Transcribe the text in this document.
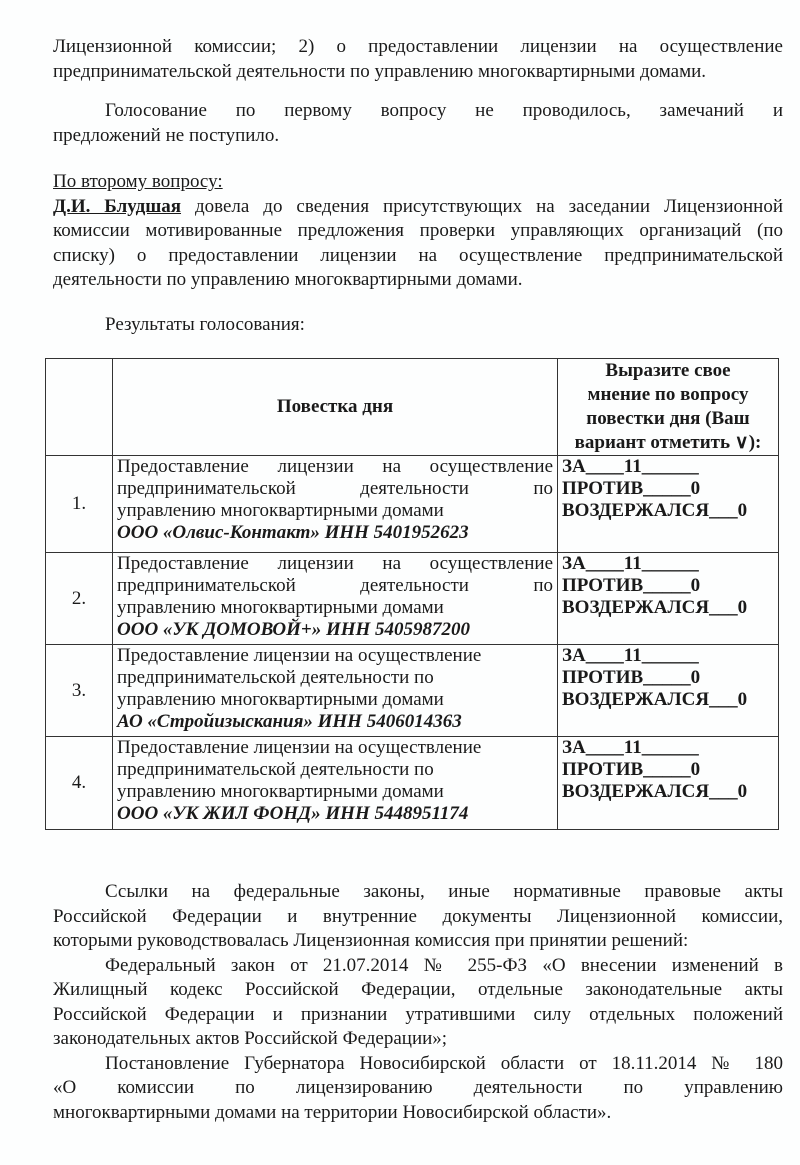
Лицензионной комиссии; 2) о предоставлении лицензии на осуществление

предпринимательской деятельности по управлению многоквартирными домами.

Голосование по первому вопросу не проводилось, замечаний и

предложений не поступило.

По второму вопросу:

Д.И. Блудшая довела до сведения присутствующих на заседании Лицензионной

комиссии мотивированные предложения проверки управляющих организаций (по

списку) о предоставлении лицензии на осуществление предпринимательской

деятельности по управлению многоквартирными домами.

Результаты голосования:

	Повестка дня	Выразите свое
мнение по вопросу
повестки дня (Ваш
вариант отметить ∨):

1.	Предоставление лицензии на осуществление
предпринимательской деятельности по
управлению многоквартирными домами
ООО «Олвис-Контакт» ИНН 5401952623	ЗА____11______
ПРОТИВ_____0
ВОЗДЕРЖАЛСЯ___0

2.	Предоставление лицензии на осуществление
предпринимательской деятельности по
управлению многоквартирными домами
ООО «УК ДОМОВОЙ+» ИНН 5405987200	ЗА____11______
ПРОТИВ_____0
ВОЗДЕРЖАЛСЯ___0

3.	Предоставление лицензии на осуществление
предпринимательской деятельности по
управлению многоквартирными домами
АО «Стройизыскания» ИНН 5406014363	ЗА____11______
ПРОТИВ_____0
ВОЗДЕРЖАЛСЯ___0

4.	Предоставление лицензии на осуществление
предпринимательской деятельности по
управлению многоквартирными домами
ООО «УК ЖИЛ ФОНД» ИНН 5448951174	ЗА____11______
ПРОТИВ_____0
ВОЗДЕРЖАЛСЯ___0

Ссылки на федеральные законы, иные нормативные правовые акты

Российской Федерации и внутренние документы Лицензионной комиссии,

которыми руководствовалась Лицензионная комиссия при принятии решений:

Федеральный закон от 21.07.2014 № 255-ФЗ «О внесении изменений в

Жилищный кодекс Российской Федерации, отдельные законодательные акты

Российской Федерации и признании утратившими силу отдельных положений

законодательных актов Российской Федерации»;

Постановление Губернатора Новосибирской области от 18.11.2014 № 180

«О комиссии по лицензированию деятельности по управлению

многоквартирными домами на территории Новосибирской области».
